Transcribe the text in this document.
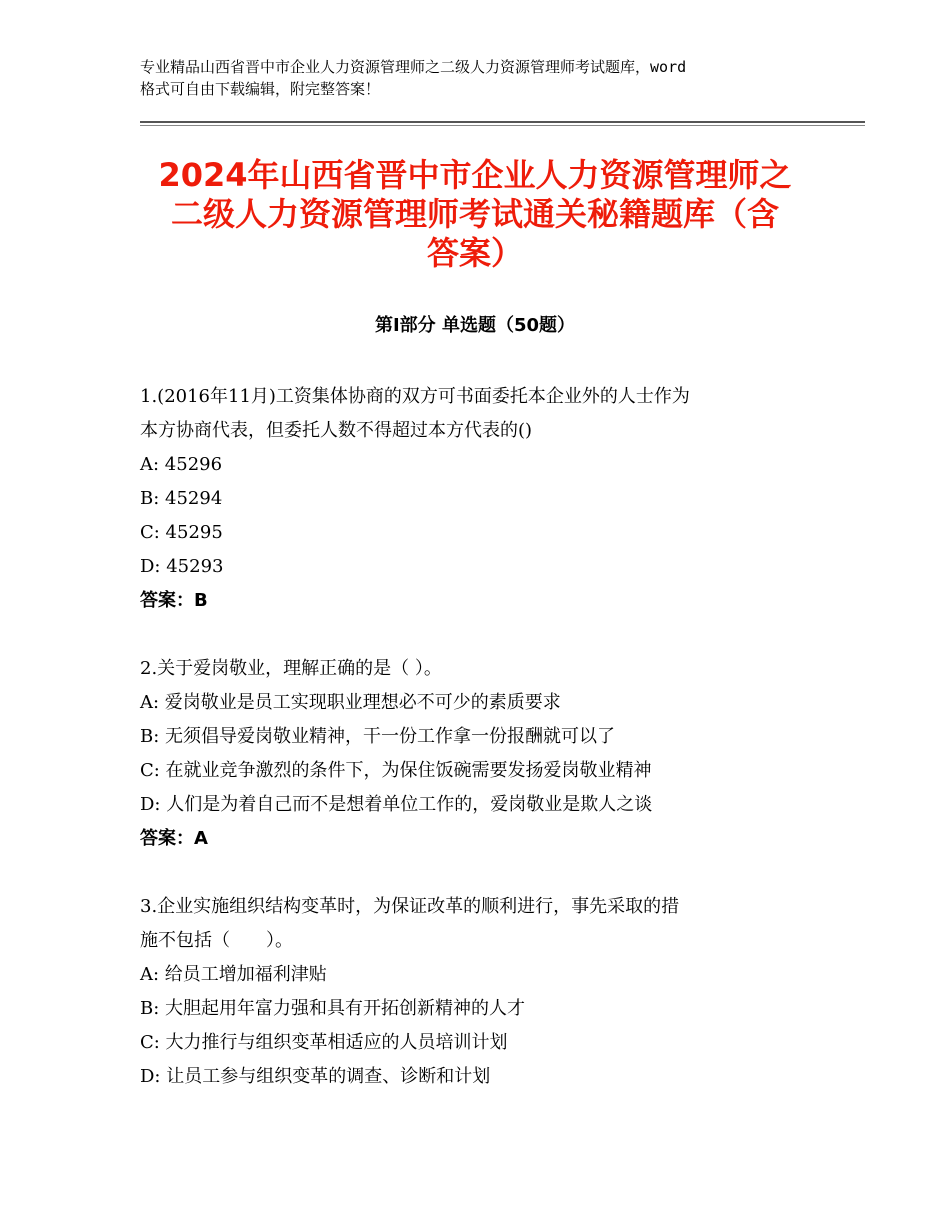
专业精品山西省晋中市企业人力资源管理师之二级人力资源管理师考试题库，word
格式可自由下载编辑，附完整答案！
2024年山西省晋中市企业人力资源管理师之
二级人力资源管理师考试通关秘籍题库（含
答案）
第Ⅰ部分 单选题（50题）
1.(2016年11月)工资集体协商的双方可书面委托本企业外的人士作为
本方协商代表，但委托人数不得超过本方代表的()
A: 45296
B: 45294
C: 45295
D: 45293
答案：B
2.关于爱岗敬业，理解正确的是（ ）。
A: 爱岗敬业是员工实现职业理想必不可少的素质要求
B: 无须倡导爱岗敬业精神，干一份工作拿一份报酬就可以了
C: 在就业竞争激烈的条件下，为保住饭碗需要发扬爱岗敬业精神
D: 人们是为着自己而不是想着单位工作的，爱岗敬业是欺人之谈
答案：A
3.企业实施组织结构变革时，为保证改革的顺利进行，事先采取的措
施不包括（　　）。
A: 给员工增加福利津贴
B: 大胆起用年富力强和具有开拓创新精神的人才
C: 大力推行与组织变革相适应的人员培训计划
D: 让员工参与组织变革的调查、诊断和计划
